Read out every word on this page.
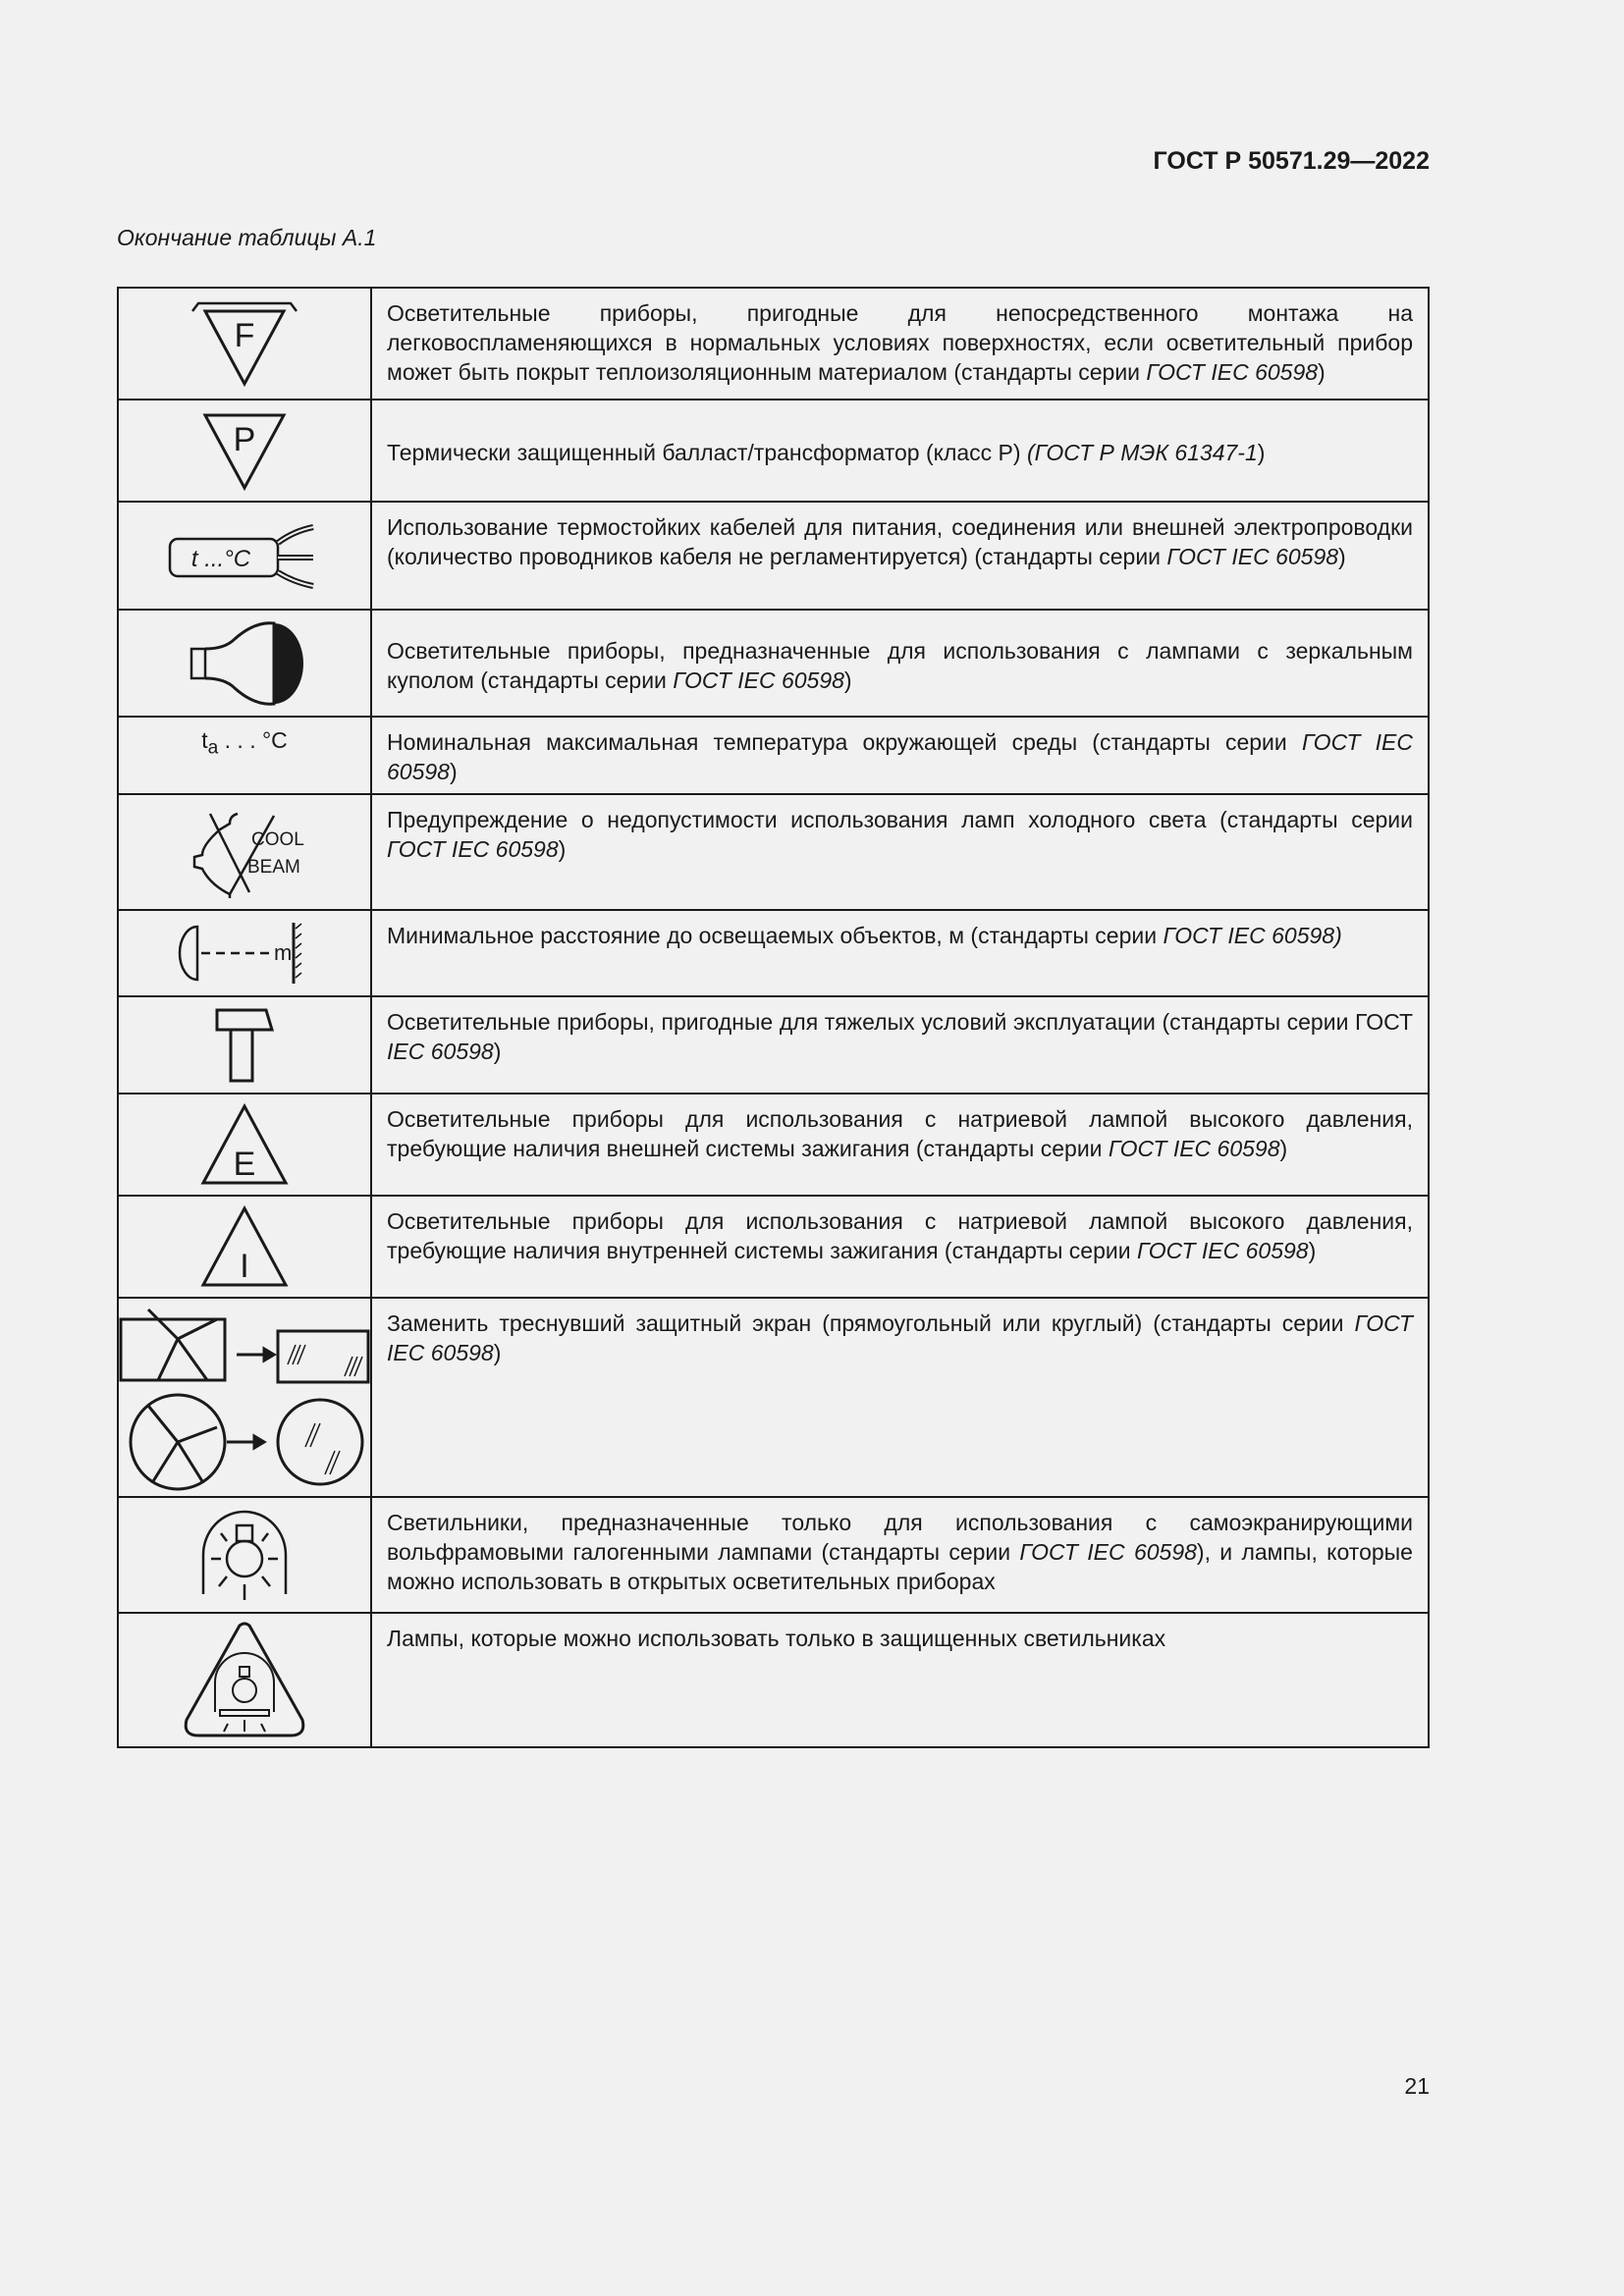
ГОСТ Р 50571.29—2022
Окончание таблицы А.1
F	Осветительные приборы, пригодные для непосредственного монтажа на легковоспламеняющихся в нормальных условиях поверхностях, если осветительный прибор может быть покрыт теплоизоляционным материалом (стандарты серии ГОСТ IEC 60598)

P	Термически защищенный балласт/трансформатор (класс Р) (ГОСТ Р МЭК 61347-1)

t ...°C	Использование термостойких кабелей для питания, соединения или внешней электропроводки (количество проводников кабеля не регламентируется) (стандарты серии ГОСТ IEC 60598)

	Осветительные приборы, предназначенные для использования с лампами с зеркальным куполом (стандарты серии ГОСТ IEC 60598)
$t_a$ . . . °C	Номинальная максимальная температура окружающей среды (стандарты серии ГОСТ IEC 60598)

COOL
BEAM	Предупреждение о недопустимости использования ламп холодного света (стандарты серии ГОСТ IEC 60598)

m	Минимальное расстояние до освещаемых объектов, м (стандарты серии ГОСТ IEC 60598)

	Осветительные приборы, пригодные для тяжелых условий эксплуатации (стандарты серии ГОСТ IEC 60598)

E	Осветительные приборы для использования с натриевой лампой высокого давления, требующие наличия внешней системы зажигания (стандарты серии ГОСТ IEC 60598)

I	Осветительные приборы для использования с натриевой лампой высокого давления, требующие наличия внутренней системы зажигания (стандарты серии ГОСТ IEC 60598)

	Заменить треснувший защитный экран (прямоугольный или круглый) (стандарты серии ГОСТ IEC 60598)

	Светильники, предназначенные только для использования с самоэкранирующими вольфрамовыми галогенными лампами (стандарты серии ГОСТ IEC 60598), и лампы, которые можно использовать в открытых осветительных приборах

	Лампы, которые можно использовать только в защищенных светильниках
21
